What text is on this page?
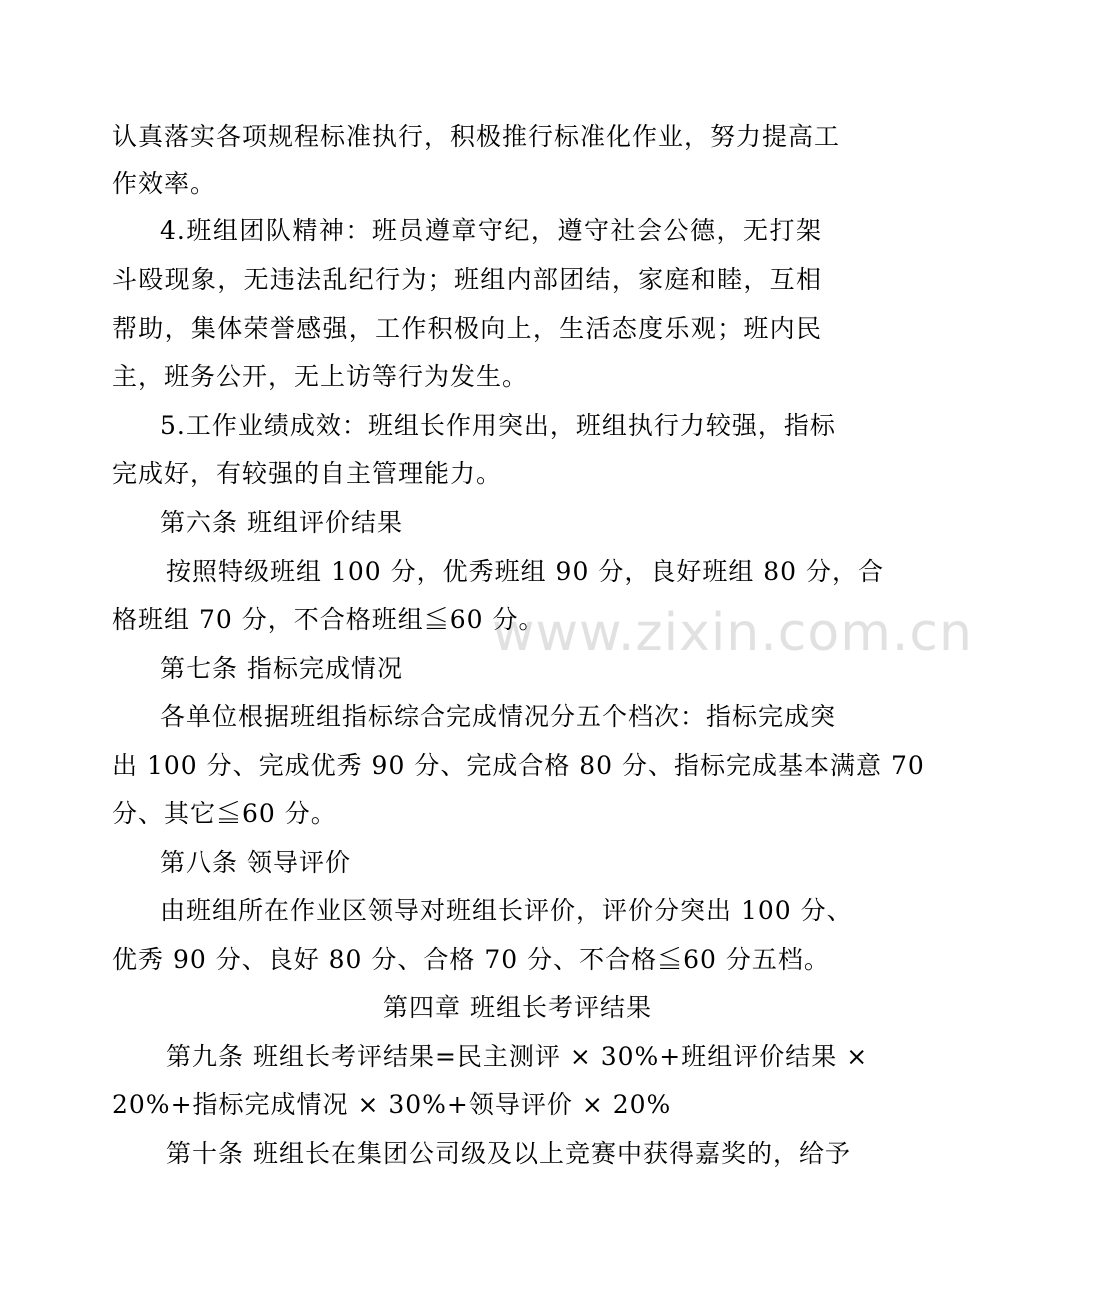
www.zixin.com.cn
认真落实各项规程标准执行，积极推行标准化作业，努力提高工
作效率。
4.班组团队精神：班员遵章守纪，遵守社会公德，无打架
斗殴现象，无违法乱纪行为；班组内部团结，家庭和睦，互相
帮助，集体荣誉感强，工作积极向上，生活态度乐观；班内民
主，班务公开，无上访等行为发生。
5.工作业绩成效：班组长作用突出，班组执行力较强，指标
完成好，有较强的自主管理能力。
第六条 班组评价结果
按照特级班组 100 分，优秀班组 90 分，良好班组 80 分，合
格班组 70 分，不合格班组≦60 分。
第七条 指标完成情况
各单位根据班组指标综合完成情况分五个档次：指标完成突
出 100 分、完成优秀 90 分、完成合格 80 分、指标完成基本满意 70
分、其它≦60 分。
第八条 领导评价
由班组所在作业区领导对班组长评价，评价分突出 100 分、
优秀 90 分、良好 80 分、合格 70 分、不合格≦60 分五档。
第四章 班组长考评结果
第九条 班组长考评结果=民主测评 × 30%+班组评价结果 ×
20%+指标完成情况 × 30%+领导评价 × 20%
第十条 班组长在集团公司级及以上竞赛中获得嘉奖的，给予
